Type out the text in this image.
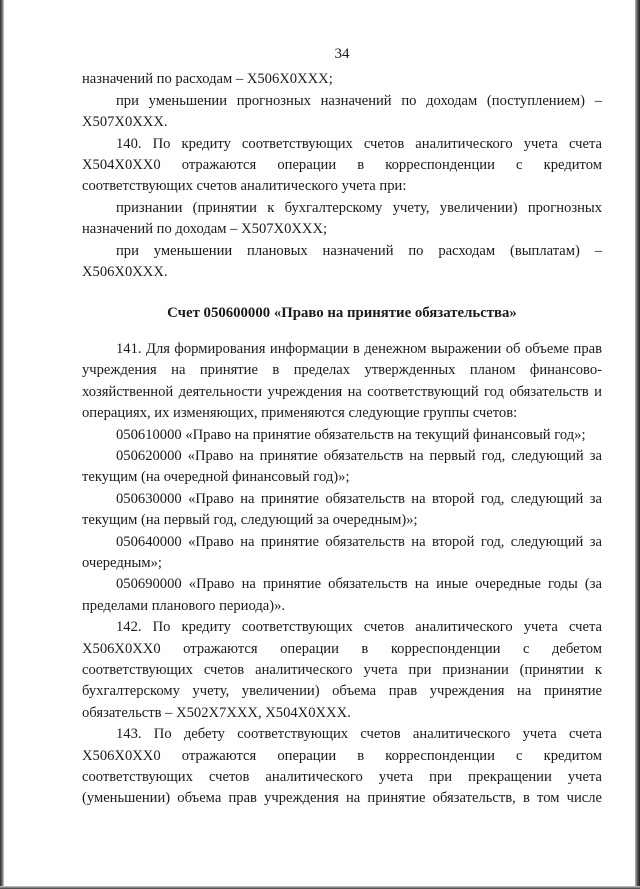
34

назначений по расходам – Х506Х0ХХХ;

при уменьшении прогнозных назначений по доходам (поступлением) – Х507Х0ХХХ.

140. По кредиту соответствующих счетов аналитического учета счета Х504Х0ХХ0 отражаются операции в корреспонденции с кредитом соответствующих счетов аналитического учета при:

признании (принятии к бухгалтерскому учету, увеличении) прогнозных назначений по доходам – Х507Х0ХХХ;

при уменьшении плановых назначений по расходам (выплатам) – Х506Х0ХХХ.

Счет 050600000 «Право на принятие обязательства»

141. Для формирования информации в денежном выражении об объеме прав учреждения на принятие в пределах утвержденных планом финансово-хозяйственной деятельности учреждения на соответствующий год обязательств и операциях, их изменяющих, применяются следующие группы счетов:

050610000 «Право на принятие обязательств на текущий финансовый год»;

050620000 «Право на принятие обязательств на первый год, следующий за текущим (на очередной финансовый год)»;

050630000 «Право на принятие обязательств на второй год, следующий за текущим (на первый год, следующий за очередным)»;

050640000 «Право на принятие обязательств на второй год, следующий за очередным»;

050690000 «Право на принятие обязательств на иные очередные годы (за пределами планового периода)».

142. По кредиту соответствующих счетов аналитического учета счета Х506Х0ХХ0 отражаются операции в корреспонденции с дебетом соответствующих счетов аналитического учета при признании (принятии к бухгалтерскому учету, увеличении) объема прав учреждения на принятие обязательств – Х502Х7ХХХ, Х504Х0ХХХ.

143. По дебету соответствующих счетов аналитического учета счета Х506Х0ХХ0 отражаются операции в корреспонденции с кредитом соответствующих счетов аналитического учета при прекращении учета (уменьшении) объема прав учреждения на принятие обязательств, в том числе
